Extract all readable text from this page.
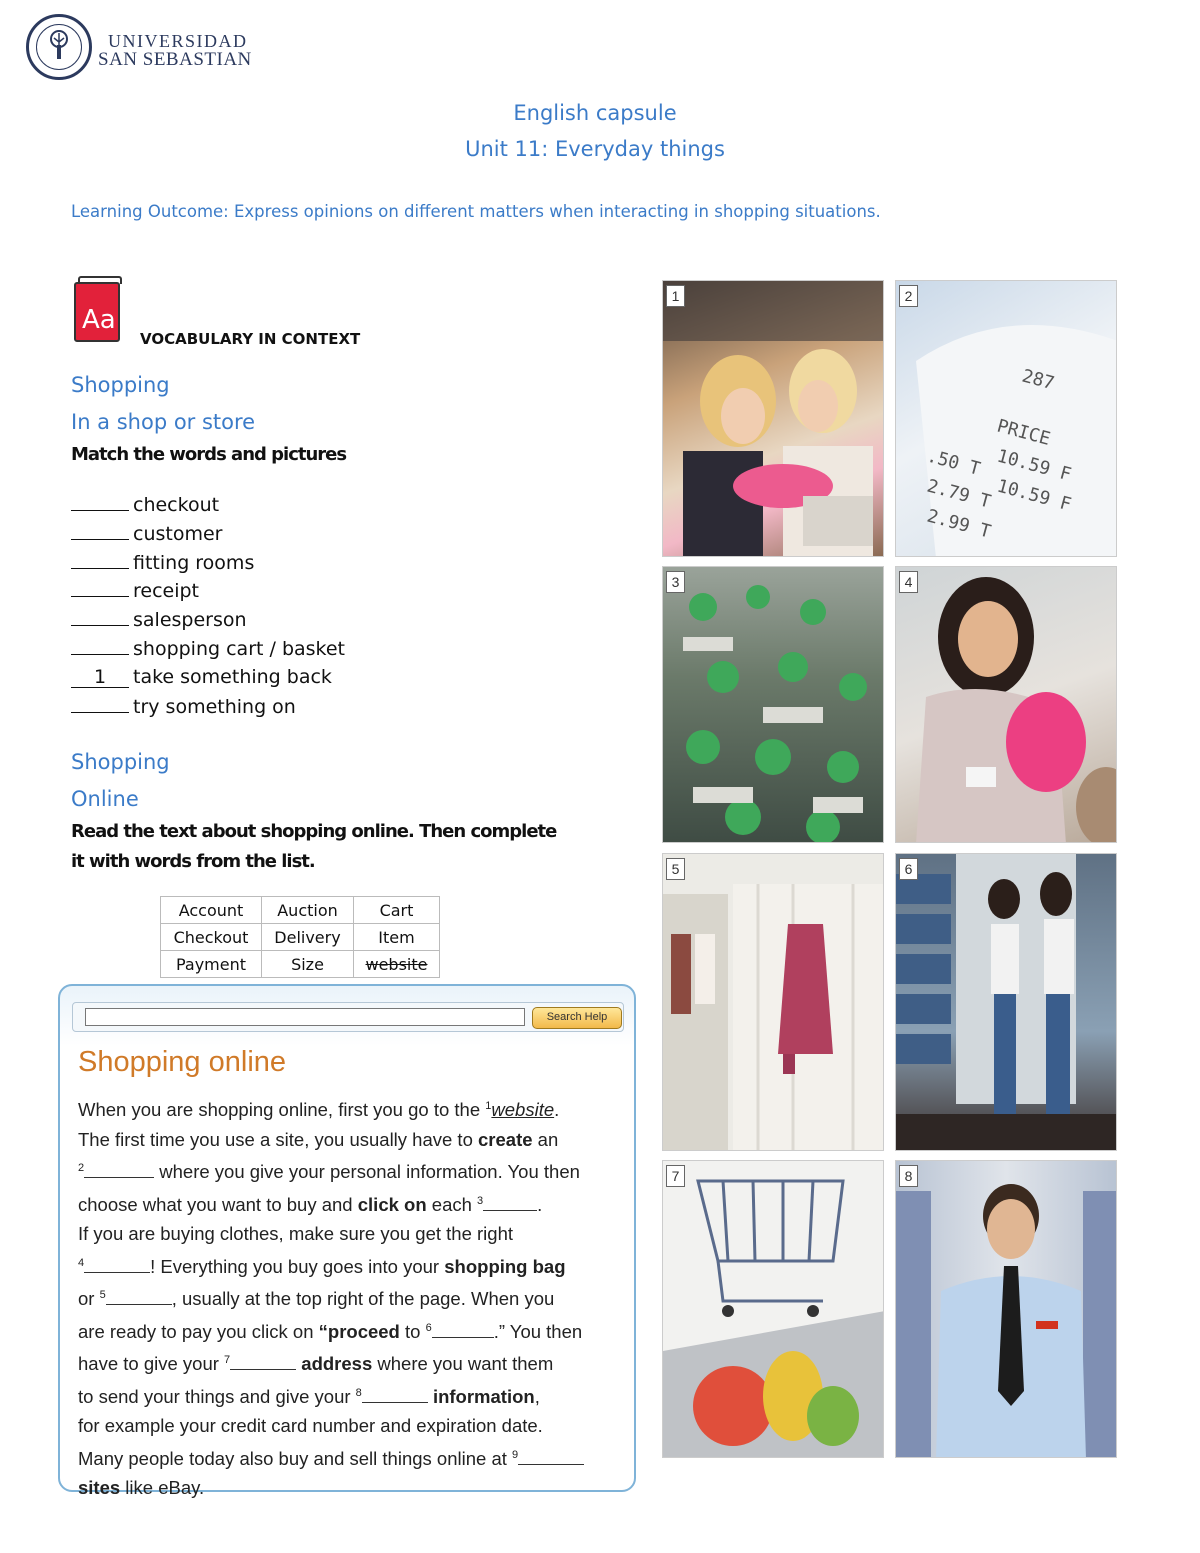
UNIVERSIDAD
SAN SEBASTIAN
English capsule
Unit 11: Everyday things
Learning Outcome: Express opinions on different matters when interacting in shopping situations.
Aa
VOCABULARY IN CONTEXT
Shopping
In a shop or store
Match the words and pictures
checkout
customer
fitting rooms
receipt
salesperson
shopping cart / basket
1 take something back
try something on
Shopping
Online
Read the text about shopping online. Then complete
it with words from the list.
Account	Auction	Cart
Checkout	Delivery	Item
Payment	Size	website
Search Help
Shopping online
When you are shopping online, first you go to the $^1$website.
The first time you use a site, you usually have to create an
$^2$	where you give your personal information. You then
choose what you want to buy and click on each $^3$	.
If you are buying clothes, make sure you get the right
$^4$	! Everything you buy goes into your shopping bag
or $^5$	, usually at the top right of the page. When you
are ready to pay you click on “proceed to $^6$	.” You then
have to give your $^7$	address where you want them
to send your things and give your $^8$	information,
for example your credit card number and expiration date.
Many people today also buy and sell things online at $^9$
sites like eBay.
1
PRICE
10.59 F
10.59 F
.50 T
2.79 T
2.99 T
287
2
3	4
5	6
7	8
